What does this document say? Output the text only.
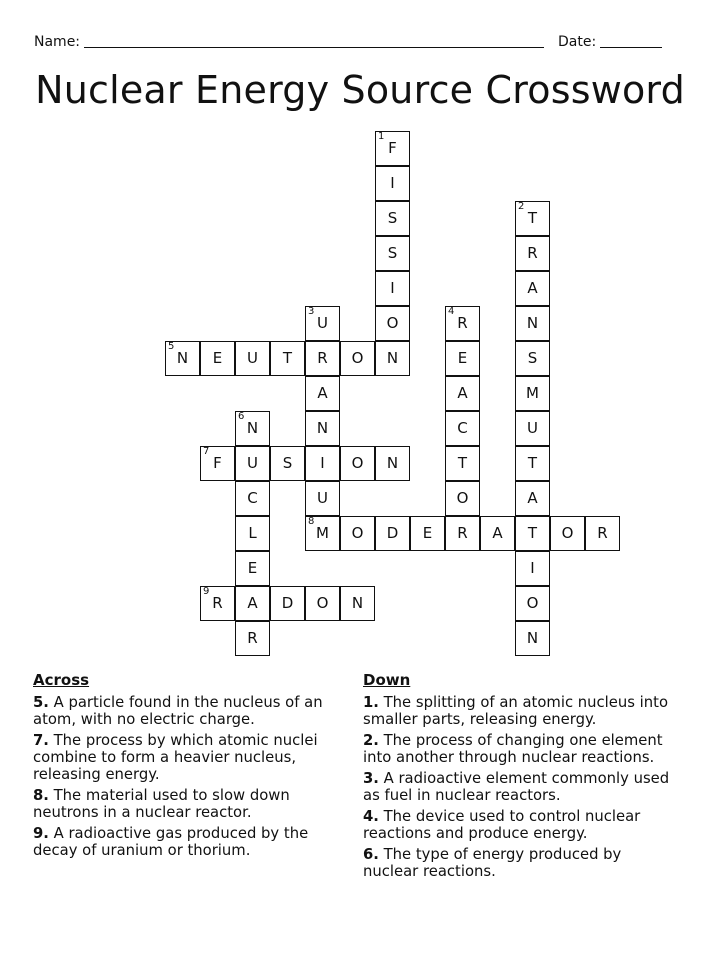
Name:	Date:
Nuclear Energy Source Crossword
1
F
I
S
2
T
S	R
I	A
3
U	O
4
R	N
5
N	E	U	T	R	O	N	E	S
A	A	M
6
N	N	C	U
7
F	U	S	I	O	N	T	T
C	U	O	A
L
8
M	O	D	E	R	A	T	O	R
E	I
9
R	A	D	O	N	O
R	N
Across
5. A particle found in the nucleus of an atom, with no electric charge.
7. The process by which atomic nuclei combine to form a heavier nucleus, releasing energy.
8. The material used to slow down neutrons in a nuclear reactor.
9. A radioactive gas produced by the decay of uranium or thorium.
Down
1. The splitting of an atomic nucleus into smaller parts, releasing energy.
2. The process of changing one element into another through nuclear reactions.
3. A radioactive element commonly used as fuel in nuclear reactors.
4. The device used to control nuclear reactions and produce energy.
6. The type of energy produced by nuclear reactions.
